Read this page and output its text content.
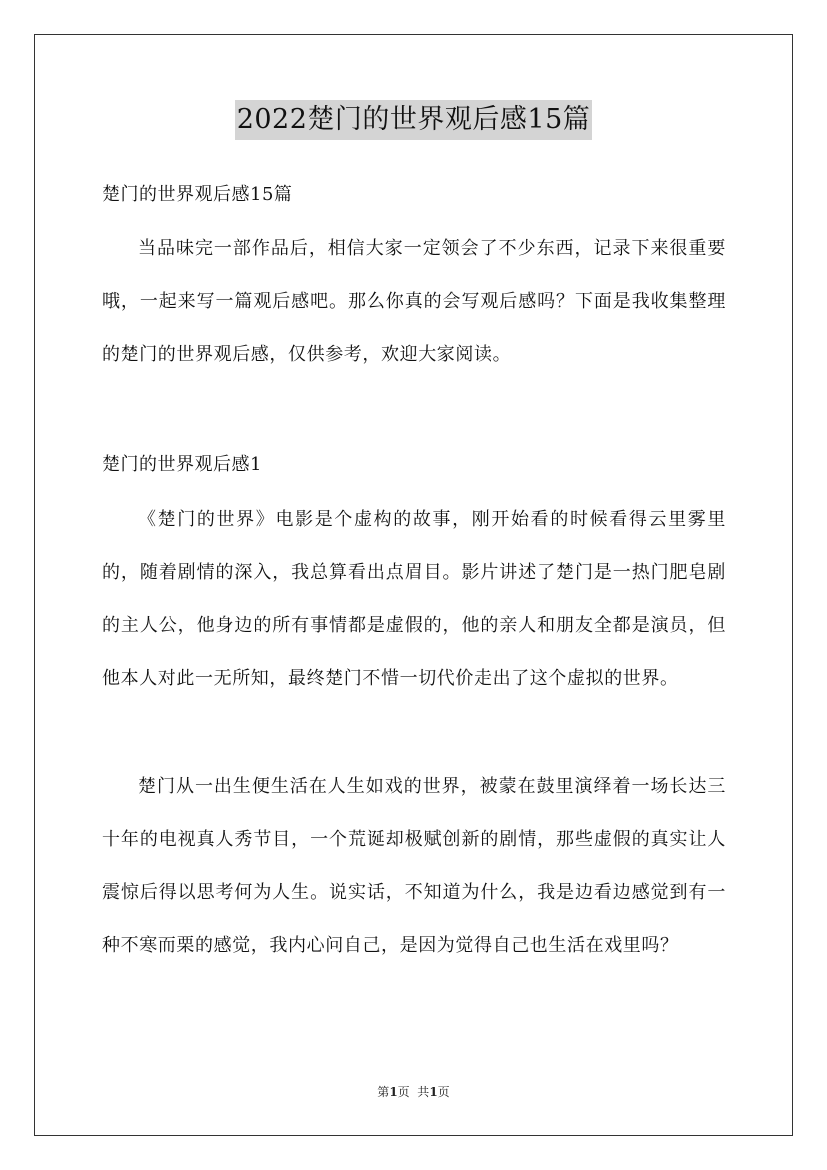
2022楚门的世界观后感15篇

楚门的世界观后感15篇

当品味完一部作品后，相信大家一定领会了不少东西，记录下来很重要哦，一起来写一篇观后感吧。那么你真的会写观后感吗？下面是我收集整理的楚门的世界观后感，仅供参考，欢迎大家阅读。

楚门的世界观后感1

《楚门的世界》电影是个虚构的故事，刚开始看的时候看得云里雾里的，随着剧情的深入，我总算看出点眉目。影片讲述了楚门是一热门肥皂剧的主人公，他身边的所有事情都是虚假的，他的亲人和朋友全都是演员，但他本人对此一无所知，最终楚门不惜一切代价走出了这个虚拟的世界。

楚门从一出生便生活在人生如戏的世界，被蒙在鼓里演绎着一场长达三十年的电视真人秀节目，一个荒诞却极赋创新的剧情，那些虚假的真实让人震惊后得以思考何为人生。说实话，不知道为什么，我是边看边感觉到有一种不寒而栗的感觉，我内心问自己，是因为觉得自己也生活在戏里吗？

第1页  共1页
